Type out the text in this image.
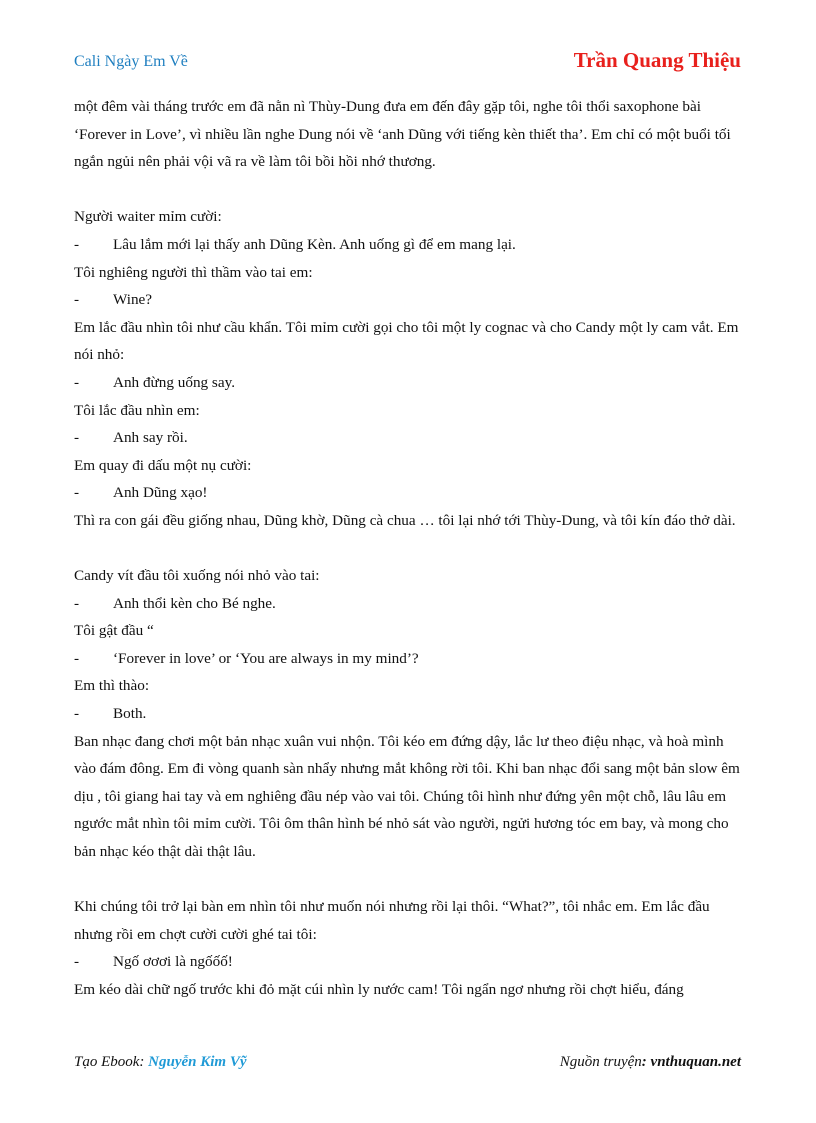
Cali Ngày Em Về	Trần Quang Thiệu

một đêm vài tháng trước em đã nằn nì Thùy-Dung đưa em đến đây gặp tôi, nghe tôi thổi saxophone bài ‘Forever in Love’, vì nhiều lần nghe Dung nói về ‘anh Dũng với tiếng kèn thiết tha’. Em chỉ có một buổi tối ngắn ngủi nên phải vội vã ra về làm tôi bồi hồi nhớ thương.

Người waiter mỉm cười:

-	Lâu lắm mới lại thấy anh Dũng Kèn. Anh uống gì để em mang lại.

Tôi nghiêng người thì thầm vào tai em:

-	Wine?

Em lắc đầu nhìn tôi như cầu khẩn. Tôi mỉm cười gọi cho tôi một ly cognac và cho Candy một ly cam vắt. Em nói nhỏ:

-	Anh đừng uống say.

Tôi lắc đầu nhìn em:

-	Anh say rồi.

Em quay đi dấu một nụ cười:

-	Anh Dũng xạo!

Thì ra con gái đều giống nhau, Dũng khờ, Dũng cà chua … tôi lại nhớ tới Thùy-Dung, và tôi kín đáo thở dài.

Candy vít đầu tôi xuống nói nhỏ vào tai:

-	Anh thổi kèn cho Bé nghe.

Tôi gật đầu “

-	‘Forever in love’ or ‘You are always in my mind’?

Em thì thào:

-	Both.

Ban nhạc đang chơi một bản nhạc xuân vui nhộn. Tôi kéo em đứng dậy, lắc lư theo điệu nhạc, và hoà mình vào đám đông. Em đi vòng quanh sàn nhẩy nhưng mắt không rời tôi. Khi ban nhạc đổi sang một bản slow êm dịu , tôi giang hai tay và em nghiêng đầu nép vào vai tôi. Chúng tôi hình như đứng yên một chỗ, lâu lâu em ngước mắt nhìn tôi mỉm cười. Tôi ôm thân hình bé nhỏ sát vào người, ngửi hương tóc em bay, và mong cho bản nhạc kéo thật dài thật lâu.

Khi chúng tôi trở lại bàn em nhìn tôi như muốn nói nhưng rồi lại thôi. “What?”, tôi nhắc em. Em lắc đầu nhưng rồi em chợt cười cười ghé tai tôi:

-	Ngố ơơơi là ngốốố!

Em kéo dài chữ ngố trước khi đỏ mặt cúi nhìn ly nước cam! Tôi ngẩn ngơ nhưng rồi chợt hiểu, đáng

Tạo Ebook: Nguyễn Kim Vỹ	Nguồn truyện: vnthuquan.net
